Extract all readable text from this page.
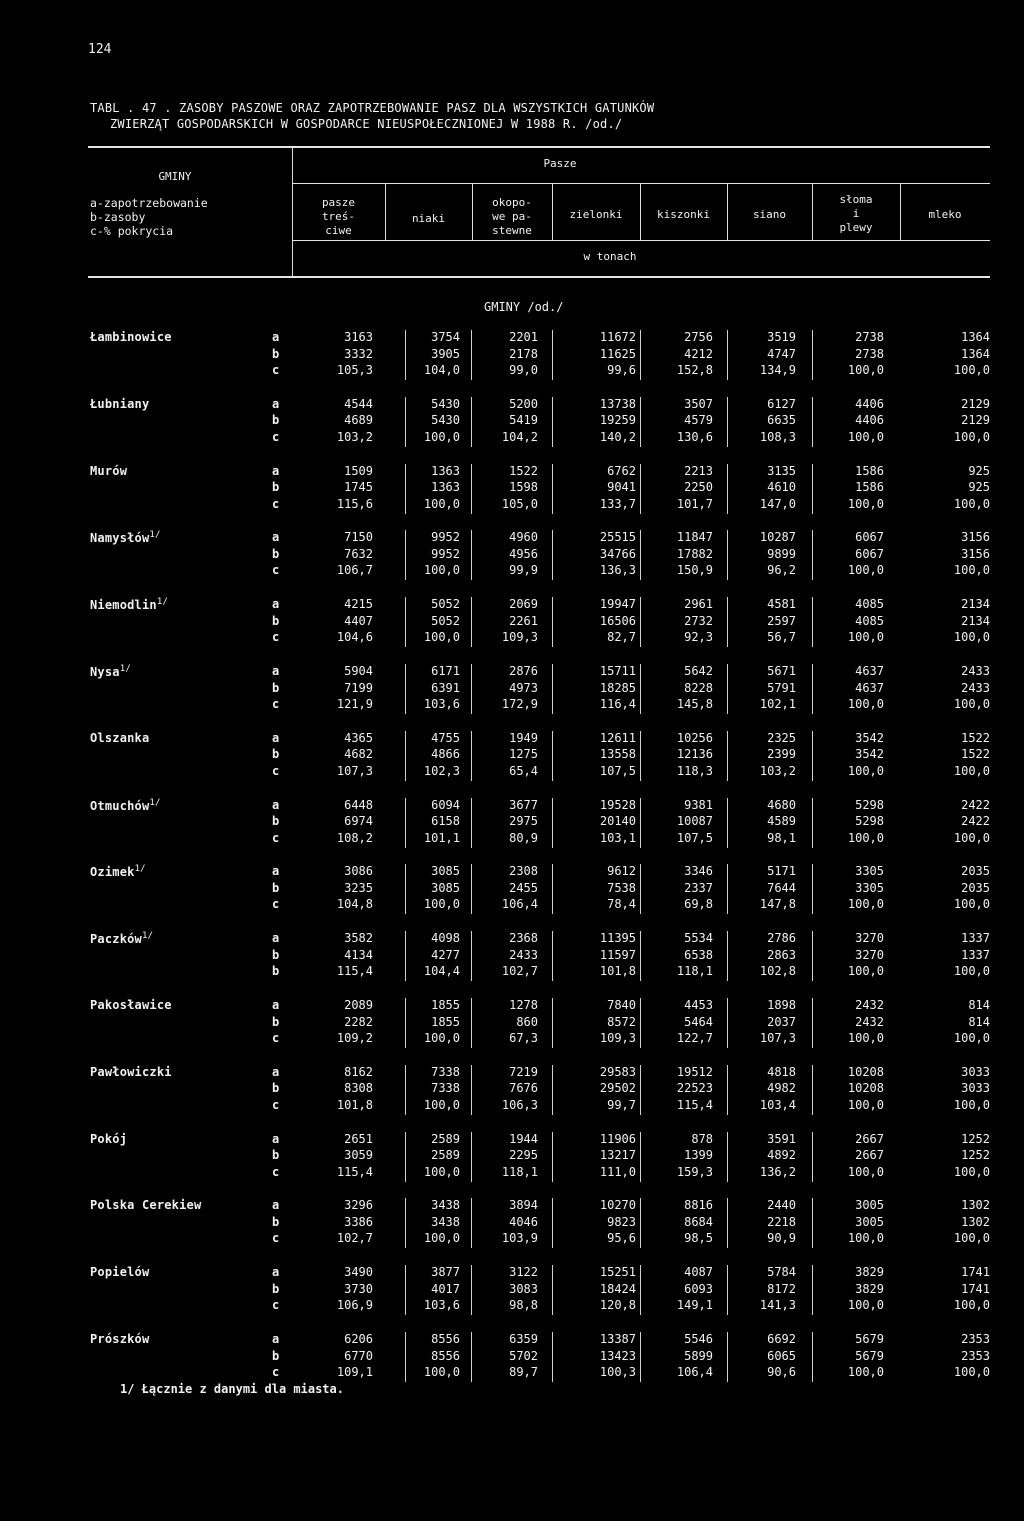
124
TABL . 47 . ZASOBY PASZOWE ORAZ ZAPOTRZEBOWANIE PASZ DLA WSZYSTKICH GATUNKÓW
ZWIERZĄT GOSPODARSKICH W GOSPODARCE NIEUSPOŁECZNIONEJ W 1988 R. /od./
GMINY
a-zapotrzebowanie
b-zasoby
c-% pokrycia
Pasze
pasze
treś-
ciwe
niaki
okopo-
we pa-
stewne
zielonki	kiszonki	siano
słoma
i
plewy
mleko
w tonach
GMINY /od./
Łambinowice	a	3163	3754	2201	11672	2756	3519	2738	1364
b	3332	3905	2178	11625	4212	4747	2738	1364
c	105,3	104,0	99,0	99,6	152,8	134,9	100,0	100,0
Łubniany	a	4544	5430	5200	13738	3507	6127	4406	2129
b	4689	5430	5419	19259	4579	6635	4406	2129
c	103,2	100,0	104,2	140,2	130,6	108,3	100,0	100,0
Murów	a	1509	1363	1522	6762	2213	3135	1586	925
b	1745	1363	1598	9041	2250	4610	1586	925
c	115,6	100,0	105,0	133,7	101,7	147,0	100,0	100,0
Namysłów$^{1/}$	a	7150	9952	4960	25515	11847	10287	6067	3156
b	7632	9952	4956	34766	17882	9899	6067	3156
c	106,7	100,0	99,9	136,3	150,9	96,2	100,0	100,0
Niemodlin$^{1/}$	a	4215	5052	2069	19947	2961	4581	4085	2134
b	4407	5052	2261	16506	2732	2597	4085	2134
c	104,6	100,0	109,3	82,7	92,3	56,7	100,0	100,0
Nysa$^{1/}$	a	5904	6171	2876	15711	5642	5671	4637	2433
b	7199	6391	4973	18285	8228	5791	4637	2433
c	121,9	103,6	172,9	116,4	145,8	102,1	100,0	100,0
Olszanka	a	4365	4755	1949	12611	10256	2325	3542	1522
b	4682	4866	1275	13558	12136	2399	3542	1522
c	107,3	102,3	65,4	107,5	118,3	103,2	100,0	100,0
Otmuchów$^{1/}$	a	6448	6094	3677	19528	9381	4680	5298	2422
b	6974	6158	2975	20140	10087	4589	5298	2422
c	108,2	101,1	80,9	103,1	107,5	98,1	100,0	100,0
Ozimek$^{1/}$	a	3086	3085	2308	9612	3346	5171	3305	2035
b	3235	3085	2455	7538	2337	7644	3305	2035
c	104,8	100,0	106,4	78,4	69,8	147,8	100,0	100,0
Paczków$^{1/}$	a	3582	4098	2368	11395	5534	2786	3270	1337
b	4134	4277	2433	11597	6538	2863	3270	1337
b	115,4	104,4	102,7	101,8	118,1	102,8	100,0	100,0
Pakosławice	a	2089	1855	1278	7840	4453	1898	2432	814
b	2282	1855	860	8572	5464	2037	2432	814
c	109,2	100,0	67,3	109,3	122,7	107,3	100,0	100,0
Pawłowiczki	a	8162	7338	7219	29583	19512	4818	10208	3033
b	8308	7338	7676	29502	22523	4982	10208	3033
c	101,8	100,0	106,3	99,7	115,4	103,4	100,0	100,0
Pokój	a	2651	2589	1944	11906	878	3591	2667	1252
b	3059	2589	2295	13217	1399	4892	2667	1252
c	115,4	100,0	118,1	111,0	159,3	136,2	100,0	100,0
Polska Cerekiew	a	3296	3438	3894	10270	8816	2440	3005	1302
b	3386	3438	4046	9823	8684	2218	3005	1302
c	102,7	100,0	103,9	95,6	98,5	90,9	100,0	100,0
Popielów	a	3490	3877	3122	15251	4087	5784	3829	1741
b	3730	4017	3083	18424	6093	8172	3829	1741
c	106,9	103,6	98,8	120,8	149,1	141,3	100,0	100,0
Prószków	a	6206	8556	6359	13387	5546	6692	5679	2353
b	6770	8556	5702	13423	5899	6065	5679	2353
c	109,1	100,0	89,7	100,3	106,4	90,6	100,0	100,0
1/ Łącznie z danymi dla miasta.
